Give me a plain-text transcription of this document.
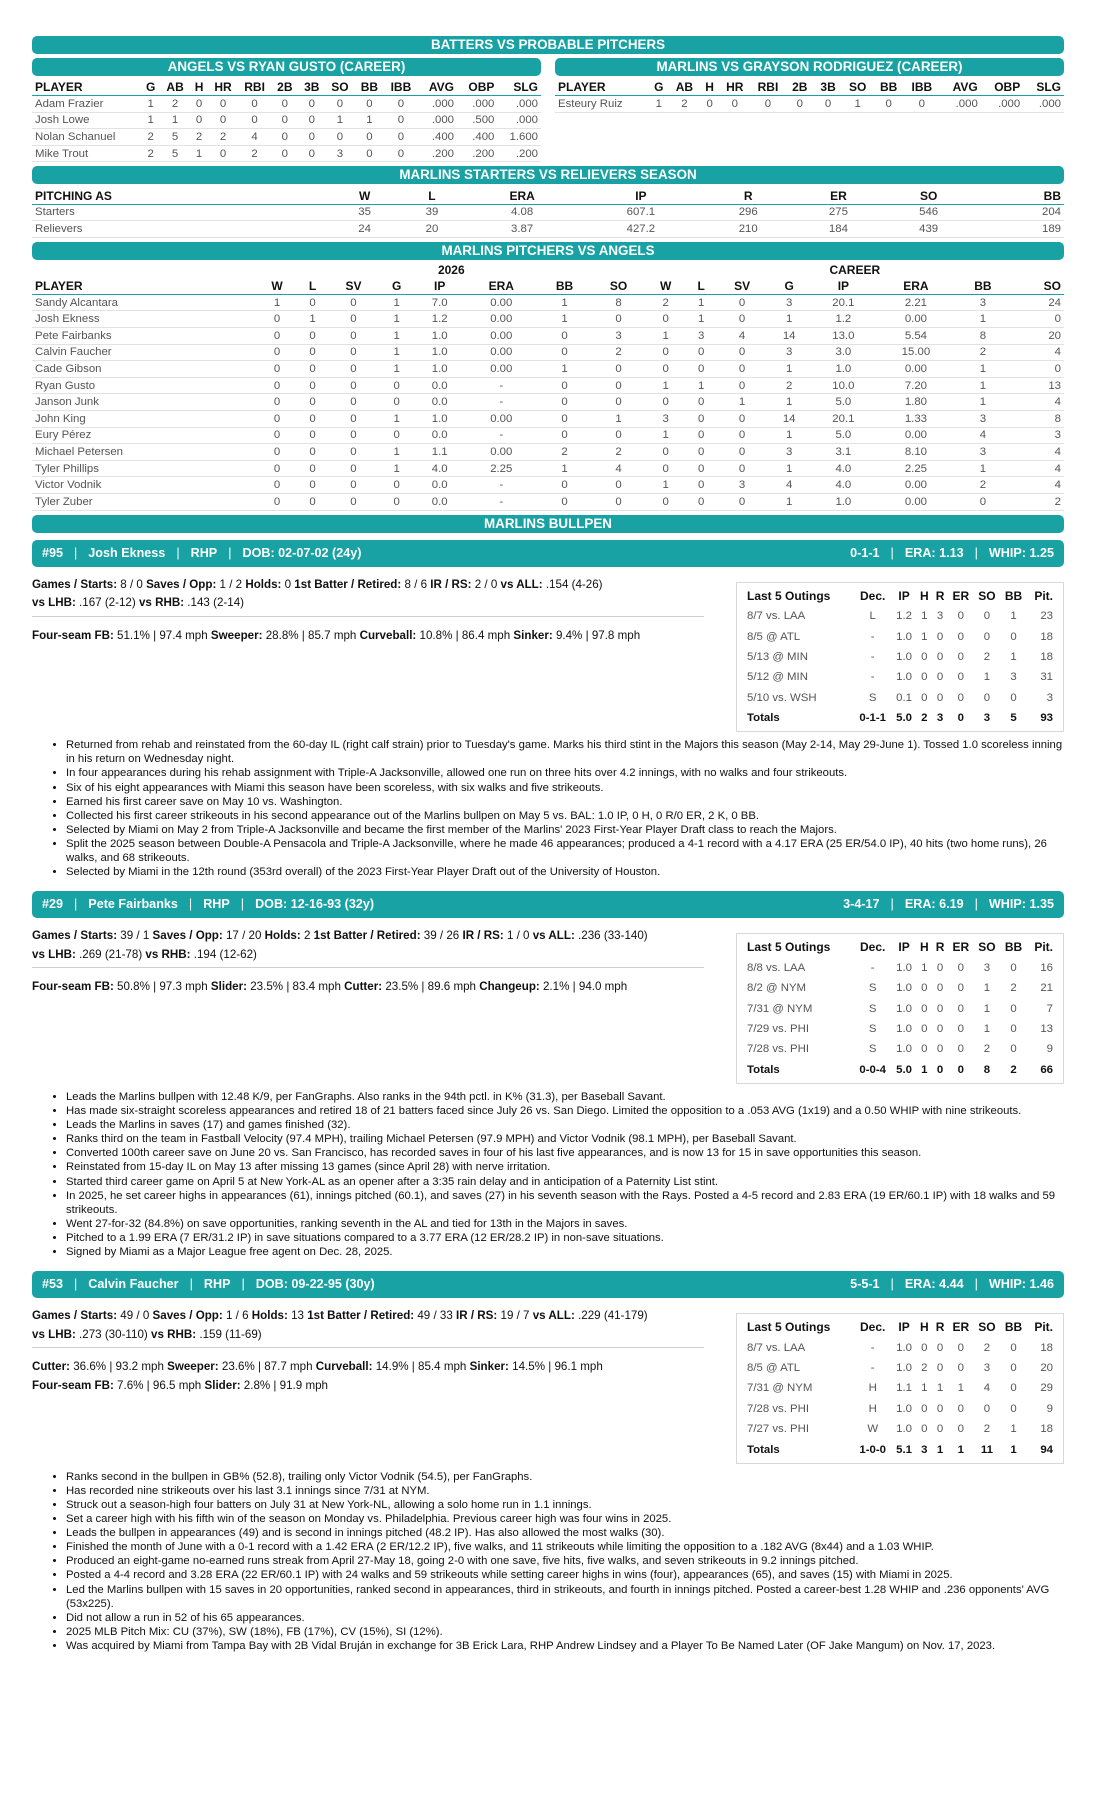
BATTERS VS PROBABLE PITCHERS
ANGELS VS RYAN GUSTO (CAREER)
PLAYER	G	AB	H	HR	RBI	2B	3B	SO	BB	IBB	AVG	OBP	SLG
Adam Frazier	1	2	0	0	0	0	0	0	0	0	.000	.000	.000
Josh Lowe	1	1	0	0	0	0	0	1	1	0	.000	.500	.000
Nolan Schanuel	2	5	2	2	4	0	0	0	0	0	.400	.400	1.600
Mike Trout	2	5	1	0	2	0	0	3	0	0	.200	.200	.200
MARLINS VS GRAYSON RODRIGUEZ (CAREER)
PLAYER	G	AB	H	HR	RBI	2B	3B	SO	BB	IBB	AVG	OBP	SLG
Esteury Ruiz	1	2	0	0	0	0	0	1	0	0	.000	.000	.000
MARLINS STARTERS VS RELIEVERS SEASON
PITCHING AS	W	L	ERA	IP	R	ER	SO	BB
Starters	35	39	4.08	607.1	296	275	546	204
Relievers	24	20	3.87	427.2	210	184	439	189
MARLINS PITCHERS VS ANGELS
	2026								CAREER							
PLAYER	W	L	SV	G	IP	ERA	BB	SO	W	L	SV	G	IP	ERA	BB	SO
Sandy Alcantara	1	0	0	1	7.0	0.00	1	8	2	1	0	3	20.1	2.21	3	24
Josh Ekness	0	1	0	1	1.2	0.00	1	0	0	1	0	1	1.2	0.00	1	0
Pete Fairbanks	0	0	0	1	1.0	0.00	0	3	1	3	4	14	13.0	5.54	8	20
Calvin Faucher	0	0	0	1	1.0	0.00	0	2	0	0	0	3	3.0	15.00	2	4
Cade Gibson	0	0	0	1	1.0	0.00	1	0	0	0	0	1	1.0	0.00	1	0
Ryan Gusto	0	0	0	0	0.0	-	0	0	1	1	0	2	10.0	7.20	1	13
Janson Junk	0	0	0	0	0.0	-	0	0	0	0	1	1	5.0	1.80	1	4
John King	0	0	0	1	1.0	0.00	0	1	3	0	0	14	20.1	1.33	3	8
Eury Pérez	0	0	0	0	0.0	-	0	0	1	0	0	1	5.0	0.00	4	3
Michael Petersen	0	0	0	1	1.1	0.00	2	2	0	0	0	3	3.1	8.10	3	4
Tyler Phillips	0	0	0	1	4.0	2.25	1	4	0	0	0	1	4.0	2.25	1	4
Victor Vodnik	0	0	0	0	0.0	-	0	0	1	0	3	4	4.0	0.00	2	4
Tyler Zuber	0	0	0	0	0.0	-	0	0	0	0	0	1	1.0	0.00	0	2
MARLINS BULLPEN
#95 | Josh Ekness | RHP | DOB: 02-07-02 (24y)	0-1-1 | ERA: 1.13 | WHIP: 1.25
Games / Starts: 8 / 0 Saves / Opp: 1 / 2 Holds: 0 1st Batter / Retired: 8 / 6 IR / RS: 2 / 0 vs ALL: .154 (4-26)
vs LHB: .167 (2-12) vs RHB: .143 (2-14)
Four-seam FB: 51.1% | 97.4 mph Sweeper: 28.8% | 85.7 mph Curveball: 10.8% | 86.4 mph Sinker: 9.4% | 97.8 mph
Last 5 Outings	Dec.	IP	H	R	ER	SO	BB	Pit.
8/7 vs. LAA	L	1.2	1	3	0	0	1	23
8/5 @ ATL	-	1.0	1	0	0	0	0	18
5/13 @ MIN	-	1.0	0	0	0	2	1	18
5/12 @ MIN	-	1.0	0	0	0	1	3	31
5/10 vs. WSH	S	0.1	0	0	0	0	0	3
Totals	0-1-1	5.0	2	3	0	3	5	93
• Returned from rehab and reinstated from the 60-day IL (right calf strain) prior to Tuesday's game. Marks his third stint in the Majors this season (May 2-14, May 29-June 1). Tossed 1.0 scoreless inning in his return on Wednesday night.
• In four appearances during his rehab assignment with Triple-A Jacksonville, allowed one run on three hits over 4.2 innings, with no walks and four strikeouts.
• Six of his eight appearances with Miami this season have been scoreless, with six walks and five strikeouts.
• Earned his first career save on May 10 vs. Washington.
• Collected his first career strikeouts in his second appearance out of the Marlins bullpen on May 5 vs. BAL: 1.0 IP, 0 H, 0 R/0 ER, 2 K, 0 BB.
• Selected by Miami on May 2 from Triple-A Jacksonville and became the first member of the Marlins' 2023 First-Year Player Draft class to reach the Majors.
• Split the 2025 season between Double-A Pensacola and Triple-A Jacksonville, where he made 46 appearances; produced a 4-1 record with a 4.17 ERA (25 ER/54.0 IP), 40 hits (two home runs), 26 walks, and 68 strikeouts.
• Selected by Miami in the 12th round (353rd overall) of the 2023 First-Year Player Draft out of the University of Houston.
#29 | Pete Fairbanks | RHP | DOB: 12-16-93 (32y)	3-4-17 | ERA: 6.19 | WHIP: 1.35
Games / Starts: 39 / 1 Saves / Opp: 17 / 20 Holds: 2 1st Batter / Retired: 39 / 26 IR / RS: 1 / 0 vs ALL: .236 (33-140)
vs LHB: .269 (21-78) vs RHB: .194 (12-62)
Four-seam FB: 50.8% | 97.3 mph Slider: 23.5% | 83.4 mph Cutter: 23.5% | 89.6 mph Changeup: 2.1% | 94.0 mph
Last 5 Outings	Dec.	IP	H	R	ER	SO	BB	Pit.
8/8 vs. LAA	-	1.0	1	0	0	3	0	16
8/2 @ NYM	S	1.0	0	0	0	1	2	21
7/31 @ NYM	S	1.0	0	0	0	1	0	7
7/29 vs. PHI	S	1.0	0	0	0	1	0	13
7/28 vs. PHI	S	1.0	0	0	0	2	0	9
Totals	0-0-4	5.0	1	0	0	8	2	66
• Leads the Marlins bullpen with 12.48 K/9, per FanGraphs. Also ranks in the 94th pctl. in K% (31.3), per Baseball Savant.
• Has made six-straight scoreless appearances and retired 18 of 21 batters faced since July 26 vs. San Diego. Limited the opposition to a .053 AVG (1x19) and a 0.50 WHIP with nine strikeouts.
• Leads the Marlins in saves (17) and games finished (32).
• Ranks third on the team in Fastball Velocity (97.4 MPH), trailing Michael Petersen (97.9 MPH) and Victor Vodnik (98.1 MPH), per Baseball Savant.
• Converted 100th career save on June 20 vs. San Francisco, has recorded saves in four of his last five appearances, and is now 13 for 15 in save opportunities this season.
• Reinstated from 15-day IL on May 13 after missing 13 games (since April 28) with nerve irritation.
• Started third career game on April 5 at New York-AL as an opener after a 3:35 rain delay and in anticipation of a Paternity List stint.
• In 2025, he set career highs in appearances (61), innings pitched (60.1), and saves (27) in his seventh season with the Rays. Posted a 4-5 record and 2.83 ERA (19 ER/60.1 IP) with 18 walks and 59 strikeouts.
• Went 27-for-32 (84.8%) on save opportunities, ranking seventh in the AL and tied for 13th in the Majors in saves.
• Pitched to a 1.99 ERA (7 ER/31.2 IP) in save situations compared to a 3.77 ERA (12 ER/28.2 IP) in non-save situations.
• Signed by Miami as a Major League free agent on Dec. 28, 2025.
#53 | Calvin Faucher | RHP | DOB: 09-22-95 (30y)	5-5-1 | ERA: 4.44 | WHIP: 1.46
Games / Starts: 49 / 0 Saves / Opp: 1 / 6 Holds: 13 1st Batter / Retired: 49 / 33 IR / RS: 19 / 7 vs ALL: .229 (41-179)
vs LHB: .273 (30-110) vs RHB: .159 (11-69)
Cutter: 36.6% | 93.2 mph Sweeper: 23.6% | 87.7 mph Curveball: 14.9% | 85.4 mph Sinker: 14.5% | 96.1 mph
Four-seam FB: 7.6% | 96.5 mph Slider: 2.8% | 91.9 mph
Last 5 Outings	Dec.	IP	H	R	ER	SO	BB	Pit.
8/7 vs. LAA	-	1.0	0	0	0	2	0	18
8/5 @ ATL	-	1.0	2	0	0	3	0	20
7/31 @ NYM	H	1.1	1	1	1	4	0	29
7/28 vs. PHI	H	1.0	0	0	0	0	0	9
7/27 vs. PHI	W	1.0	0	0	0	2	1	18
Totals	1-0-0	5.1	3	1	1	11	1	94
• Ranks second in the bullpen in GB% (52.8), trailing only Victor Vodnik (54.5), per FanGraphs.
• Has recorded nine strikeouts over his last 3.1 innings since 7/31 at NYM.
• Struck out a season-high four batters on July 31 at New York-NL, allowing a solo home run in 1.1 innings.
• Set a career high with his fifth win of the season on Monday vs. Philadelphia. Previous career high was four wins in 2025.
• Leads the bullpen in appearances (49) and is second in innings pitched (48.2 IP). Has also allowed the most walks (30).
• Finished the month of June with a 0-1 record with a 1.42 ERA (2 ER/12.2 IP), five walks, and 11 strikeouts while limiting the opposition to a .182 AVG (8x44) and a 1.03 WHIP.
• Produced an eight-game no-earned runs streak from April 27-May 18, going 2-0 with one save, five hits, five walks, and seven strikeouts in 9.2 innings pitched.
• Posted a 4-4 record and 3.28 ERA (22 ER/60.1 IP) with 24 walks and 59 strikeouts while setting career highs in wins (four), appearances (65), and saves (15) with Miami in 2025.
• Led the Marlins bullpen with 15 saves in 20 opportunities, ranked second in appearances, third in strikeouts, and fourth in innings pitched. Posted a career-best 1.28 WHIP and .236 opponents' AVG (53x225).
• Did not allow a run in 52 of his 65 appearances.
• 2025 MLB Pitch Mix: CU (37%), SW (18%), FB (17%), CV (15%), SI (12%).
• Was acquired by Miami from Tampa Bay with 2B Vidal Bruján in exchange for 3B Erick Lara, RHP Andrew Lindsey and a Player To Be Named Later (OF Jake Mangum) on Nov. 17, 2023.
